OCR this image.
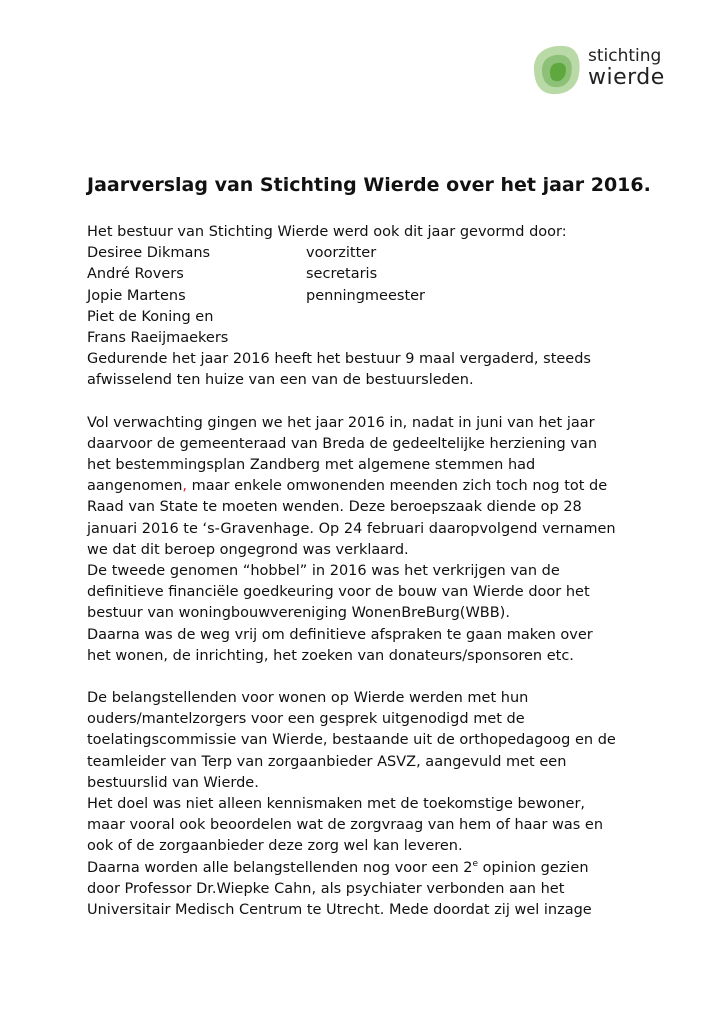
stichting
wierde
Jaarverslag van Stichting Wierde over het jaar 2016.

Het bestuur van Stichting Wierde werd ook dit jaar gevormd door:

Desiree Dikmans	voorzitter
André Rovers	secretaris
Jopie Martens	penningmeester
Piet de Koning en
Frans Raeijmaekers

Gedurende het jaar 2016 heeft het bestuur 9 maal vergaderd, steeds

afwisselend ten huize van een van de bestuursleden.

Vol verwachting gingen we het jaar 2016 in, nadat in juni van het jaar

daarvoor de gemeenteraad van Breda de gedeeltelijke herziening van

het bestemmingsplan Zandberg met algemene stemmen had

aangenomen, maar enkele omwonenden meenden zich toch nog tot de

Raad van State te moeten wenden. Deze beroepszaak diende op 28

januari 2016 te ‘s-Gravenhage. Op 24 februari daaropvolgend vernamen

we dat dit beroep ongegrond was verklaard.

De tweede genomen “hobbel” in 2016 was het verkrijgen van de

definitieve financiële goedkeuring voor de bouw van Wierde door het

bestuur van woningbouwvereniging WonenBreBurg(WBB).

Daarna was de weg vrij om definitieve afspraken te gaan maken over

het wonen, de inrichting, het zoeken van donateurs/sponsoren etc.

De belangstellenden voor wonen op Wierde werden met hun

ouders/mantelzorgers voor een gesprek uitgenodigd met de

toelatingscommissie van Wierde, bestaande uit de orthopedagoog en de

teamleider van Terp van zorgaanbieder ASVZ, aangevuld met een

bestuurslid van Wierde.

Het doel was niet alleen kennismaken met de toekomstige bewoner,

maar vooral ook beoordelen wat de zorgvraag van hem of haar was en

ook of de zorgaanbieder deze zorg wel kan leveren.

Daarna worden alle belangstellenden nog voor een 2e opinion gezien

door Professor Dr.Wiepke Cahn, als psychiater verbonden aan het

Universitair Medisch Centrum te Utrecht. Mede doordat zij wel inzage
